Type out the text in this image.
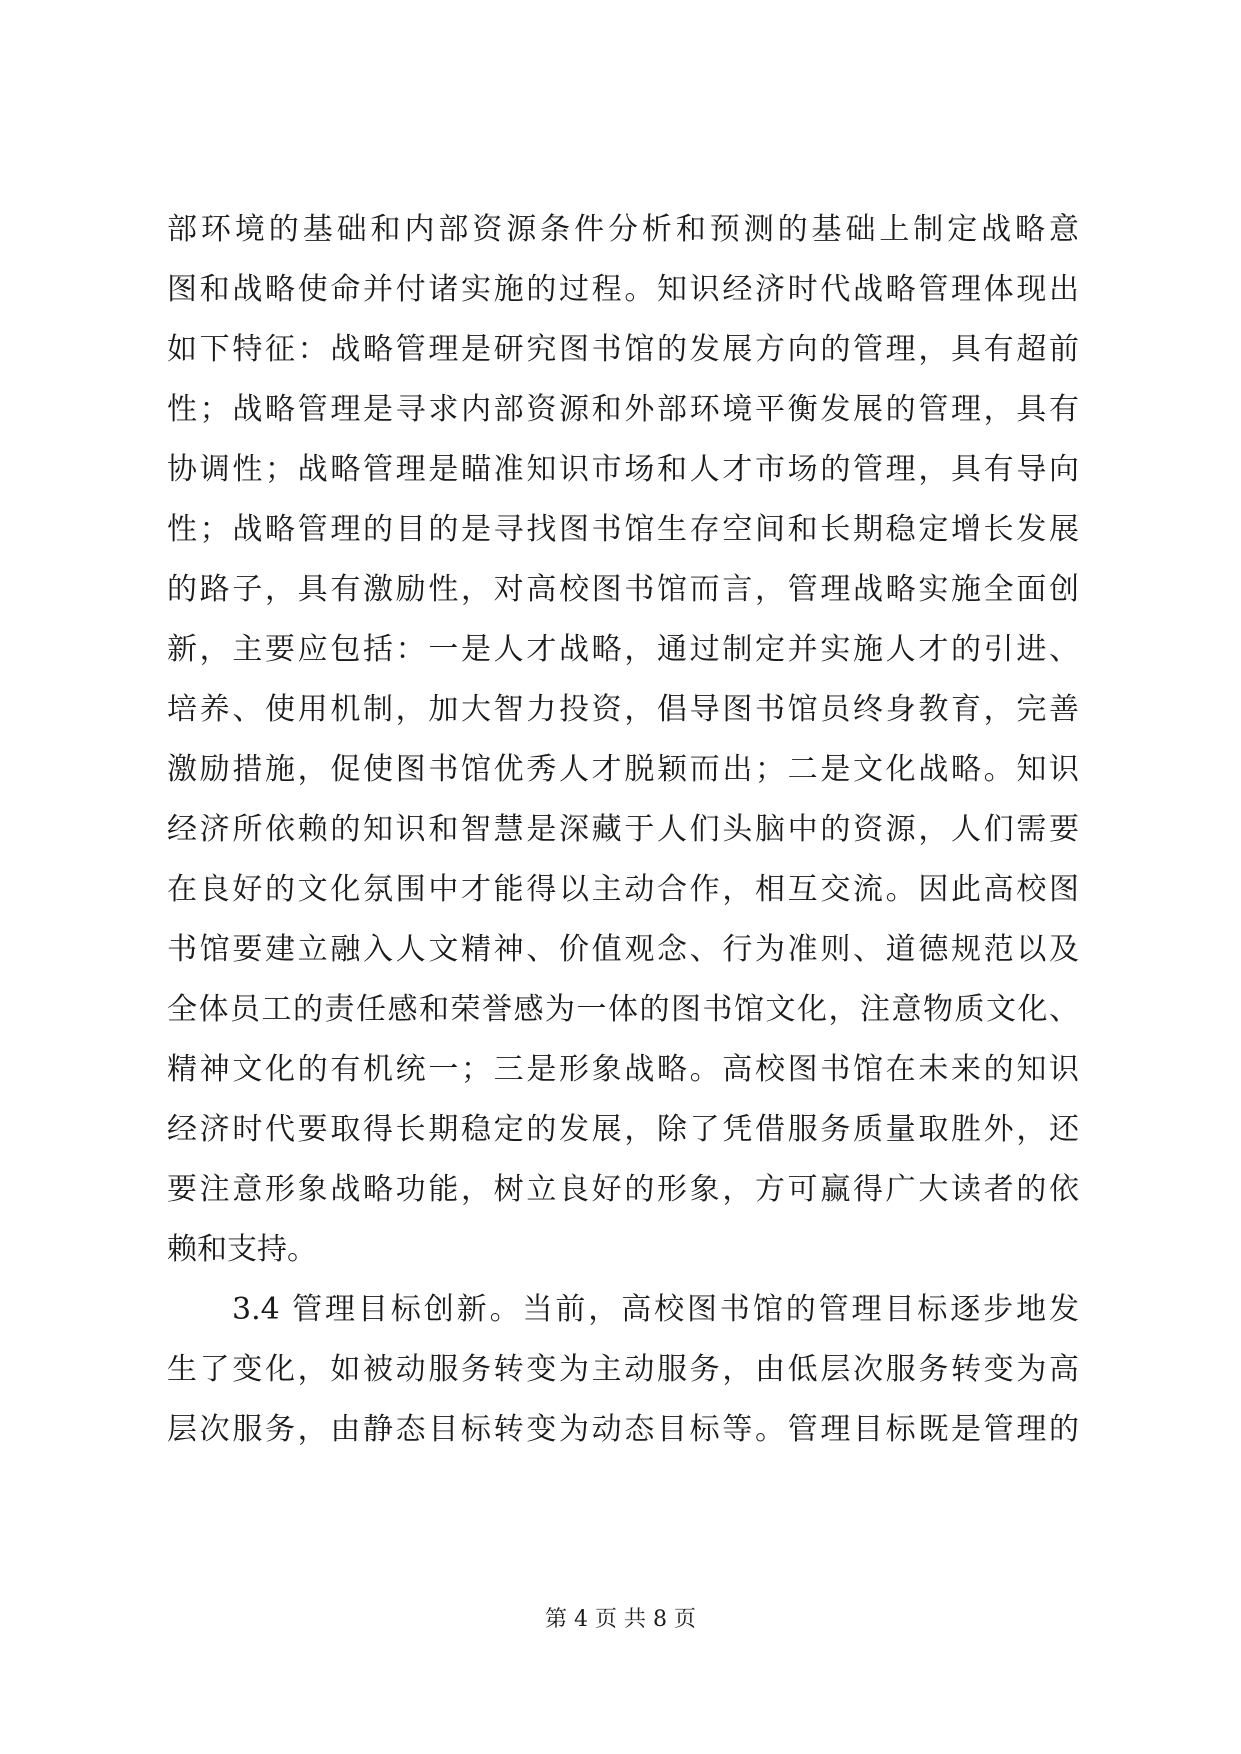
部环境的基础和内部资源条件分析和预测的基础上制定战略意
图和战略使命并付诸实施的过程。知识经济时代战略管理体现出
如下特征：战略管理是研究图书馆的发展方向的管理，具有超前
性；战略管理是寻求内部资源和外部环境平衡发展的管理，具有
协调性；战略管理是瞄准知识市场和人才市场的管理，具有导向
性；战略管理的目的是寻找图书馆生存空间和长期稳定增长发展
的路子，具有激励性，对高校图书馆而言，管理战略实施全面创
新，主要应包括：一是人才战略，通过制定并实施人才的引进、
培养、使用机制，加大智力投资，倡导图书馆员终身教育，完善
激励措施，促使图书馆优秀人才脱颖而出；二是文化战略。知识
经济所依赖的知识和智慧是深藏于人们头脑中的资源，人们需要
在良好的文化氛围中才能得以主动合作，相互交流。因此高校图
书馆要建立融入人文精神、价值观念、行为准则、道德规范以及
全体员工的责任感和荣誉感为一体的图书馆文化，注意物质文化、
精神文化的有机统一；三是形象战略。高校图书馆在未来的知识
经济时代要取得长期稳定的发展，除了凭借服务质量取胜外，还
要注意形象战略功能，树立良好的形象，方可赢得广大读者的依
赖和支持。
3.4 管理目标创新。当前，高校图书馆的管理目标逐步地发
生了变化，如被动服务转变为主动服务，由低层次服务转变为高
层次服务，由静态目标转变为动态目标等。管理目标既是管理的
第 4 页 共 8 页
